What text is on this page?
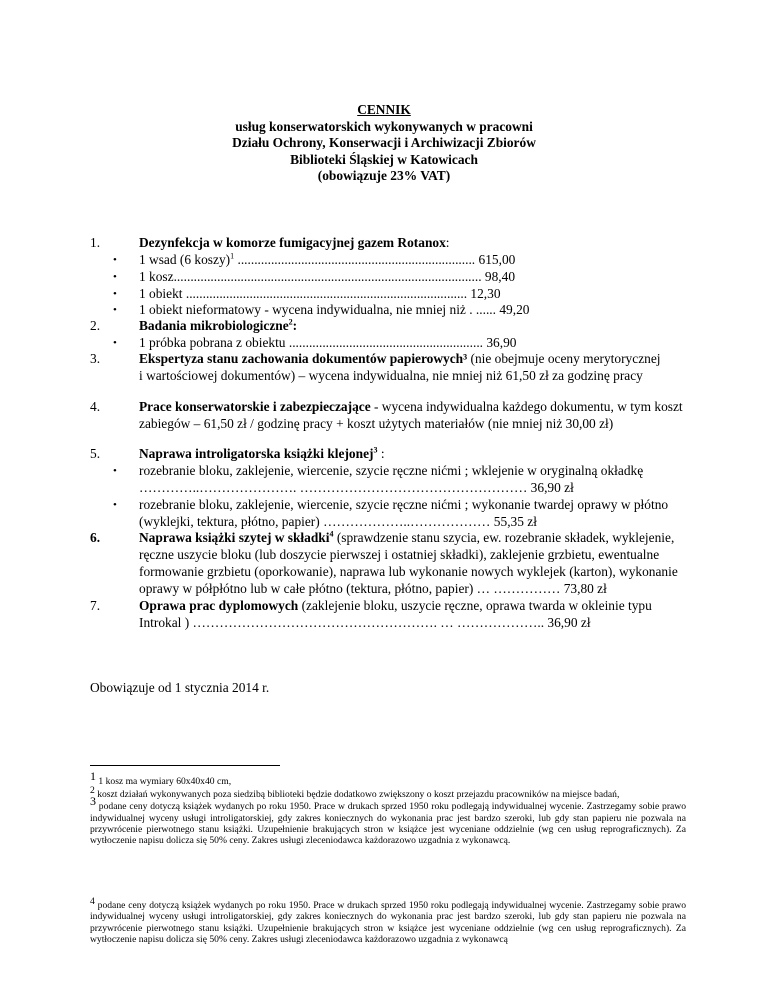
CENNIK
usług konserwatorskich wykonywanych w pracowni
Działu Ochrony, Konserwacji i Archiwizacji Zbiorów
Biblioteki Śląskiej w Katowicach
(obowiązuje 23% VAT)
1.	Dezynfekcja w komorze fumigacyjnej gazem Rotanox:
• 1 wsad (6 koszy)$^1$ ....................................................................... 615,00
• 1 kosz............................................................................................ 98,40
• 1 obiekt .................................................................................... 12,30
• 1 obiekt nieformatowy - wycena indywidualna, nie mniej niż . ...... 49,20
2.	Badania mikrobiologiczne$^2$:
• 1 próbka pobrana z obiektu .......................................................... 36,90
3.	Ekspertyza stanu zachowania dokumentów papierowych³ (nie obejmuje oceny merytorycznej
i wartościowej dokumentów) – wycena indywidualna, nie mniej niż 61,50 zł za godzinę pracy
4.	Prace konserwatorskie i zabezpieczające - wycena indywidualna każdego dokumentu, w tym koszt
zabiegów – 61,50 zł / godzinę pracy + koszt użytych materiałów (nie mniej niż 30,00 zł)
5.	Naprawa introligatorska książki klejonej$^3$ :
• rozebranie bloku, zaklejenie, wiercenie, szycie ręczne nićmi ; wklejenie w oryginalną okładkę
…………..…………………. …………………………………………… 36,90 zł
• rozebranie bloku, zaklejenie, wiercenie, szycie ręczne nićmi ; wykonanie twardej oprawy w płótno
(wyklejki, tektura, płótno, papier) ………………..……………… 55,35 zł
6.	Naprawa książki szytej w składki$^4$ (sprawdzenie stanu szycia, ew. rozebranie składek, wyklejenie,
ręczne uszycie bloku (lub doszycie pierwszej i ostatniej składki), zaklejenie grzbietu, ewentualne
formowanie grzbietu (oporkowanie), naprawa lub wykonanie nowych wyklejek (karton), wykonanie
oprawy w półpłótno lub w całe płótno (tektura, płótno, papier) … …………… 73,80 zł
7.	Oprawa prac dyplomowych (zaklejenie bloku, uszycie ręczne, oprawa twarda w okleinie typu
Introkal ) ………………………………………………. … ……………….. 36,90 zł
Obowiązuje od 1 stycznia 2014 r.
1 1 kosz ma wymiary 60x40x40 cm,
2 koszt działań wykonywanych poza siedzibą biblioteki będzie dodatkowo zwiększony o koszt przejazdu pracowników na miejsce badań,
3 podane ceny dotyczą książek wydanych po roku 1950. Prace w drukach sprzed 1950 roku podlegają indywidualnej wycenie. Zastrzegamy sobie prawo indywidualnej wyceny usługi introligatorskiej, gdy zakres koniecznych do wykonania prac jest bardzo szeroki, lub gdy stan papieru nie pozwala na przywrócenie pierwotnego stanu książki. Uzupełnienie brakujących stron w książce jest wyceniane oddzielnie (wg cen usług reprograficznych). Za wytłoczenie napisu dolicza się 50% ceny. Zakres usługi zleceniodawca każdorazowo uzgadnia z wykonawcą.
4 podane ceny dotyczą książek wydanych po roku 1950. Prace w drukach sprzed 1950 roku podlegają indywidualnej wycenie. Zastrzegamy sobie prawo indywidualnej wyceny usługi introligatorskiej, gdy zakres koniecznych do wykonania prac jest bardzo szeroki, lub gdy stan papieru nie pozwala na przywrócenie pierwotnego stanu książki. Uzupełnienie brakujących stron w książce jest wyceniane oddzielnie (wg cen usług reprograficznych). Za wytłoczenie napisu dolicza się 50% ceny. Zakres usługi zleceniodawca każdorazowo uzgadnia z wykonawcą
